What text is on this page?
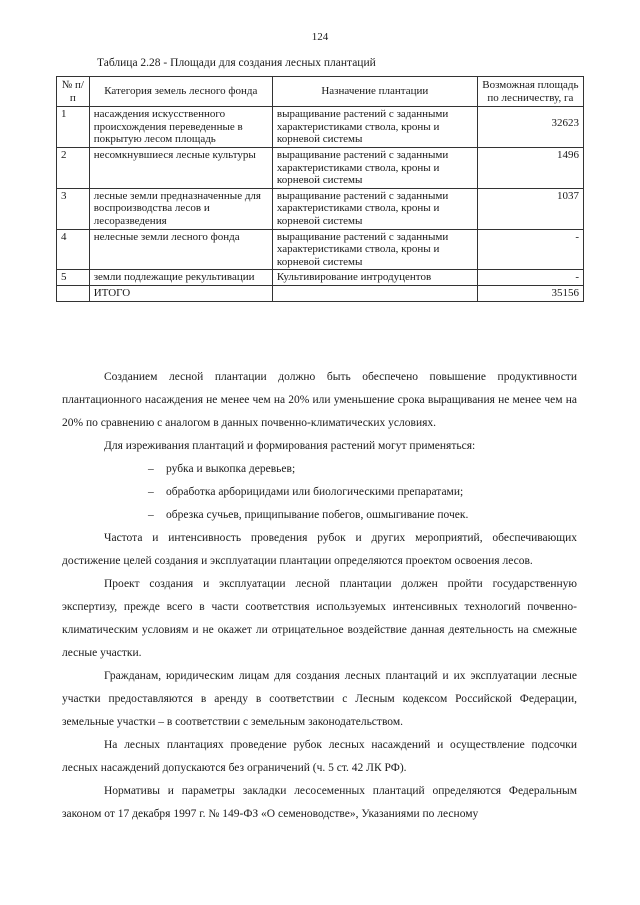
124
Таблица 2.28 - Площади для создания лесных плантаций
№ п/п	Категория земель лесного фонда	Назначение плантации	Возможная площадь по лесничеству, га
1	насаждения искусственного происхождения переведенные в покрытую лесом площадь	выращивание растений с заданными характеристиками ствола, кроны и корневой системы	32623
2	несомкнувшиеся лесные культуры	выращивание растений с заданными характеристиками ствола, кроны и корневой системы	1496
3	лесные земли предназначенные для воспроизводства лесов и лесоразведения	выращивание растений с заданными характеристиками ствола, кроны и корневой системы	1037
4	нелесные земли лесного фонда	выращивание растений с заданными характеристиками ствола, кроны и корневой системы	-
5	земли подлежащие рекультивации	Культивирование интродуцентов	-
	ИТОГО		35156

Созданием лесной плантации должно быть обеспечено повышение продуктивности плантационного насаждения не менее чем на 20% или уменьшение срока выращивания не менее чем на 20% по сравнению с аналогом в данных почвенно-климатических условиях.

Для изреживания плантаций и формирования растений могут применяться:

– рубка и выкопка деревьев;
– обработка арборицидами или биологическими препаратами;
– обрезка сучьев, прищипывание побегов, ошмыгивание почек.

Частота и интенсивность проведения рубок и других мероприятий, обеспечивающих достижение целей создания и эксплуатации плантации определяются проектом освоения лесов.

Проект создания и эксплуатации лесной плантации должен пройти государственную экспертизу, прежде всего в части соответствия используемых интенсивных технологий почвенно-климатическим условиям и не окажет ли отрицательное воздействие данная деятельность на смежные лесные участки.

Гражданам, юридическим лицам для создания лесных плантаций и их эксплуатации лесные участки предоставляются в аренду в соответствии с Лесным кодексом Российской Федерации, земельные участки – в соответствии с земельным законодательством.

На лесных плантациях проведение рубок лесных насаждений и осуществление подсочки лесных насаждений допускаются без ограничений (ч. 5 ст. 42 ЛК РФ).

Нормативы и параметры закладки лесосеменных плантаций определяются Федеральным законом от 17 декабря 1997 г. № 149-ФЗ «О семеноводстве», Указаниями по лесному
